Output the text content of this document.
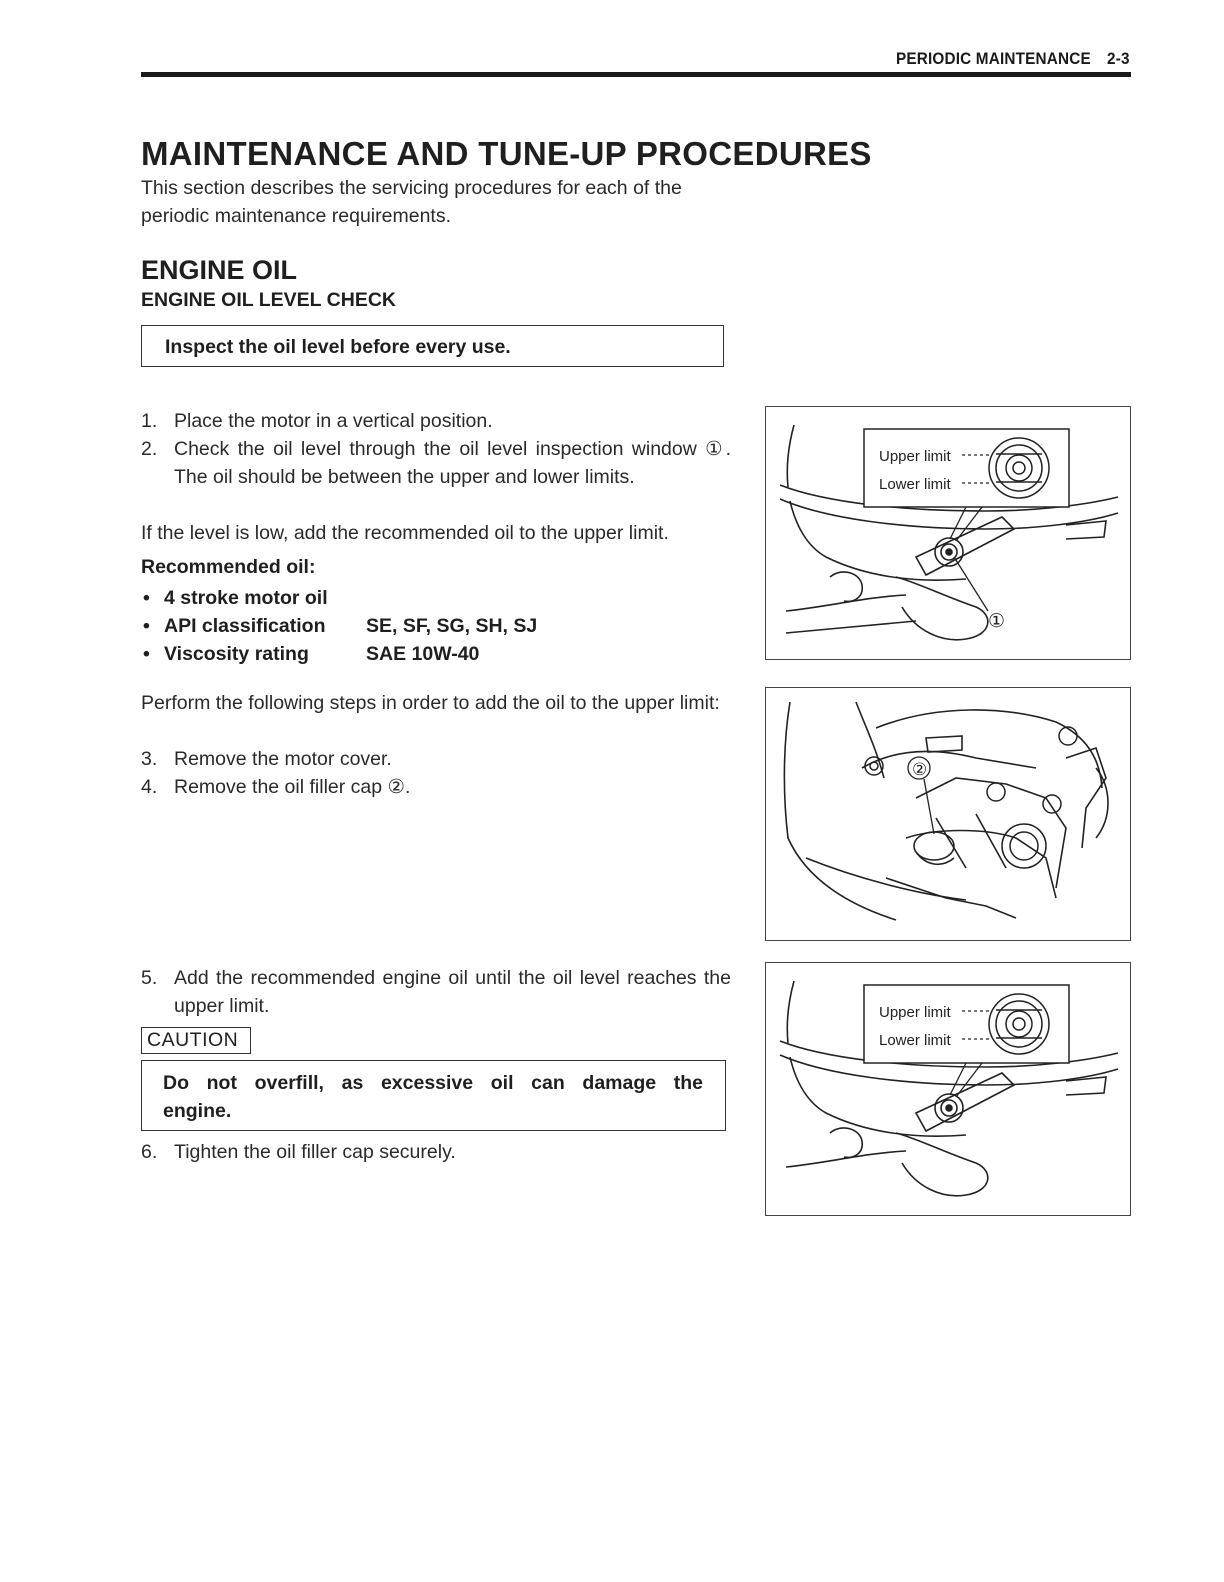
PERIODIC MAINTENANCE 2-3
MAINTENANCE AND TUNE-UP PROCEDURES

This section describes the servicing procedures for each of the periodic maintenance requirements.

ENGINE OIL
ENGINE OIL LEVEL CHECK
Inspect the oil level before every use.
1. Place the motor in a vertical position.
2. Check the oil level through the oil level inspection window ①. The oil should be between the upper and lower limits.

If the level is low, add the recommended oil to the upper limit.

Recommended oil:

• 4 stroke motor oil
• API classification SE, SF, SG, SH, SJ
• Viscosity rating	SAE 10W-40

Perform the following steps in order to add the oil to the upper limit:

3. Remove the motor cover.
4. Remove the oil filler cap ②.
5. Add the recommended engine oil until the oil level reaches the upper limit.
CAUTION
Do not overfill, as excessive oil can damage the engine.
6. Tighten the oil filler cap securely.
Upper limit
Lower limit
①
②
Upper limit
Lower limit
